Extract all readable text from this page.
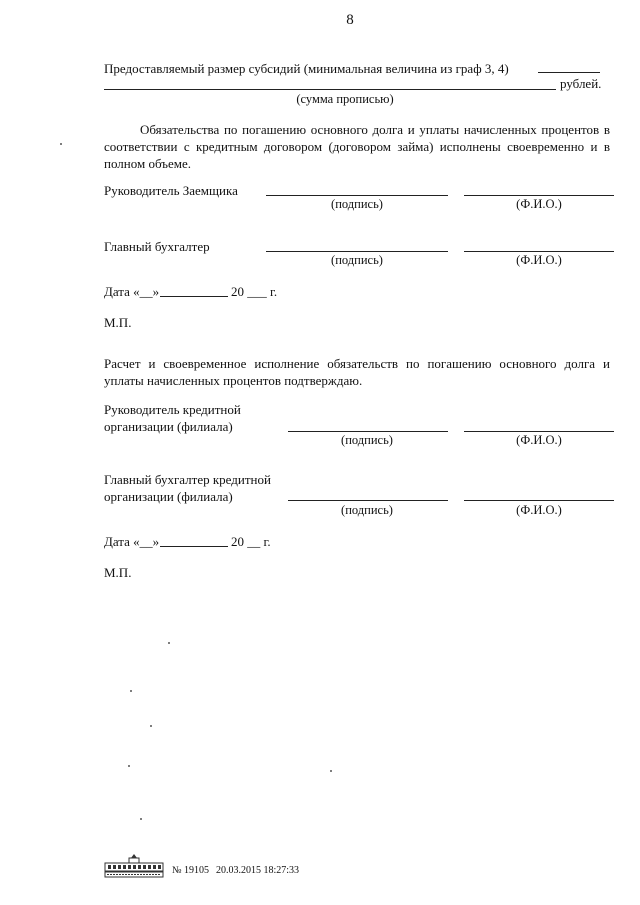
8
Предоставляемый размер субсидий (минимальная величина из граф 3, 4)
рублей.
(сумма прописью)
Обязательства по погашению основного долга и уплаты начисленных процентов в соответствии с кредитным договором (договором займа) исполнены своевременно и в полном объеме.
Руководитель Заемщика
(подпись)	(Ф.И.О.)
Главный бухгалтер
(подпись)	(Ф.И.О.)
Дата «__»	20 ___ г.
М.П.
Расчет и своевременное исполнение обязательств по погашению основного долга и уплаты начисленных процентов подтверждаю.
Руководитель кредитной
организации (филиала)
(подпись)	(Ф.И.О.)
Главный бухгалтер кредитной
организации (филиала)
(подпись)	(Ф.И.О.)
Дата «__»	20 __ г.
М.П.
№ 19105 20.03.2015 18:27:33
